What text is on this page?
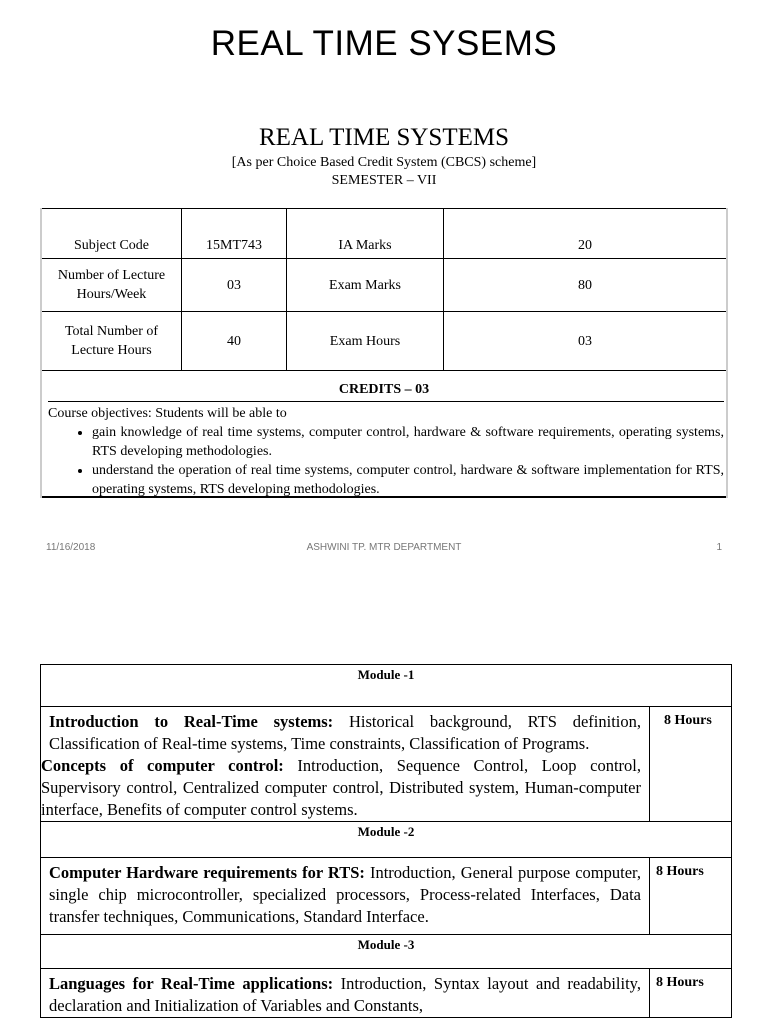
REAL TIME SYSEMS
REAL TIME SYSTEMS
[As per Choice Based Credit System (CBCS) scheme]
SEMESTER – VII
Subject Code	15MT743	IA Marks	20
Number of Lecture Hours/Week	03	Exam Marks	80
Total Number of Lecture Hours	40	Exam Hours	03
CREDITS – 03
Course objectives: Students will be able to
• gain knowledge of real time systems, computer control, hardware & software requirements, operating systems, RTS developing methodologies.
• understand the operation of real time systems, computer control, hardware & software implementation for RTS, operating systems, RTS developing methodologies.
11/16/2018	ASHWINI TP. MTR DEPARTMENT	1
Module -1	

Introduction to Real-Time systems: Historical background, RTS definition, Classification of Real-time systems, Time constraints, Classification of Programs.
Concepts of computer control: Introduction, Sequence Control, Loop control, Supervisory control, Centralized computer control, Distributed system, Human-computer interface, Benefits of computer control systems.	8 Hours
Module -2	
Computer Hardware requirements for RTS: Introduction, General purpose computer, single chip microcontroller, specialized processors, Process-related Interfaces, Data transfer techniques, Communications, Standard Interface.	8 Hours
Module -3	
Languages for Real-Time applications: Introduction, Syntax layout and readability, declaration and Initialization of Variables and Constants,	8 Hours
